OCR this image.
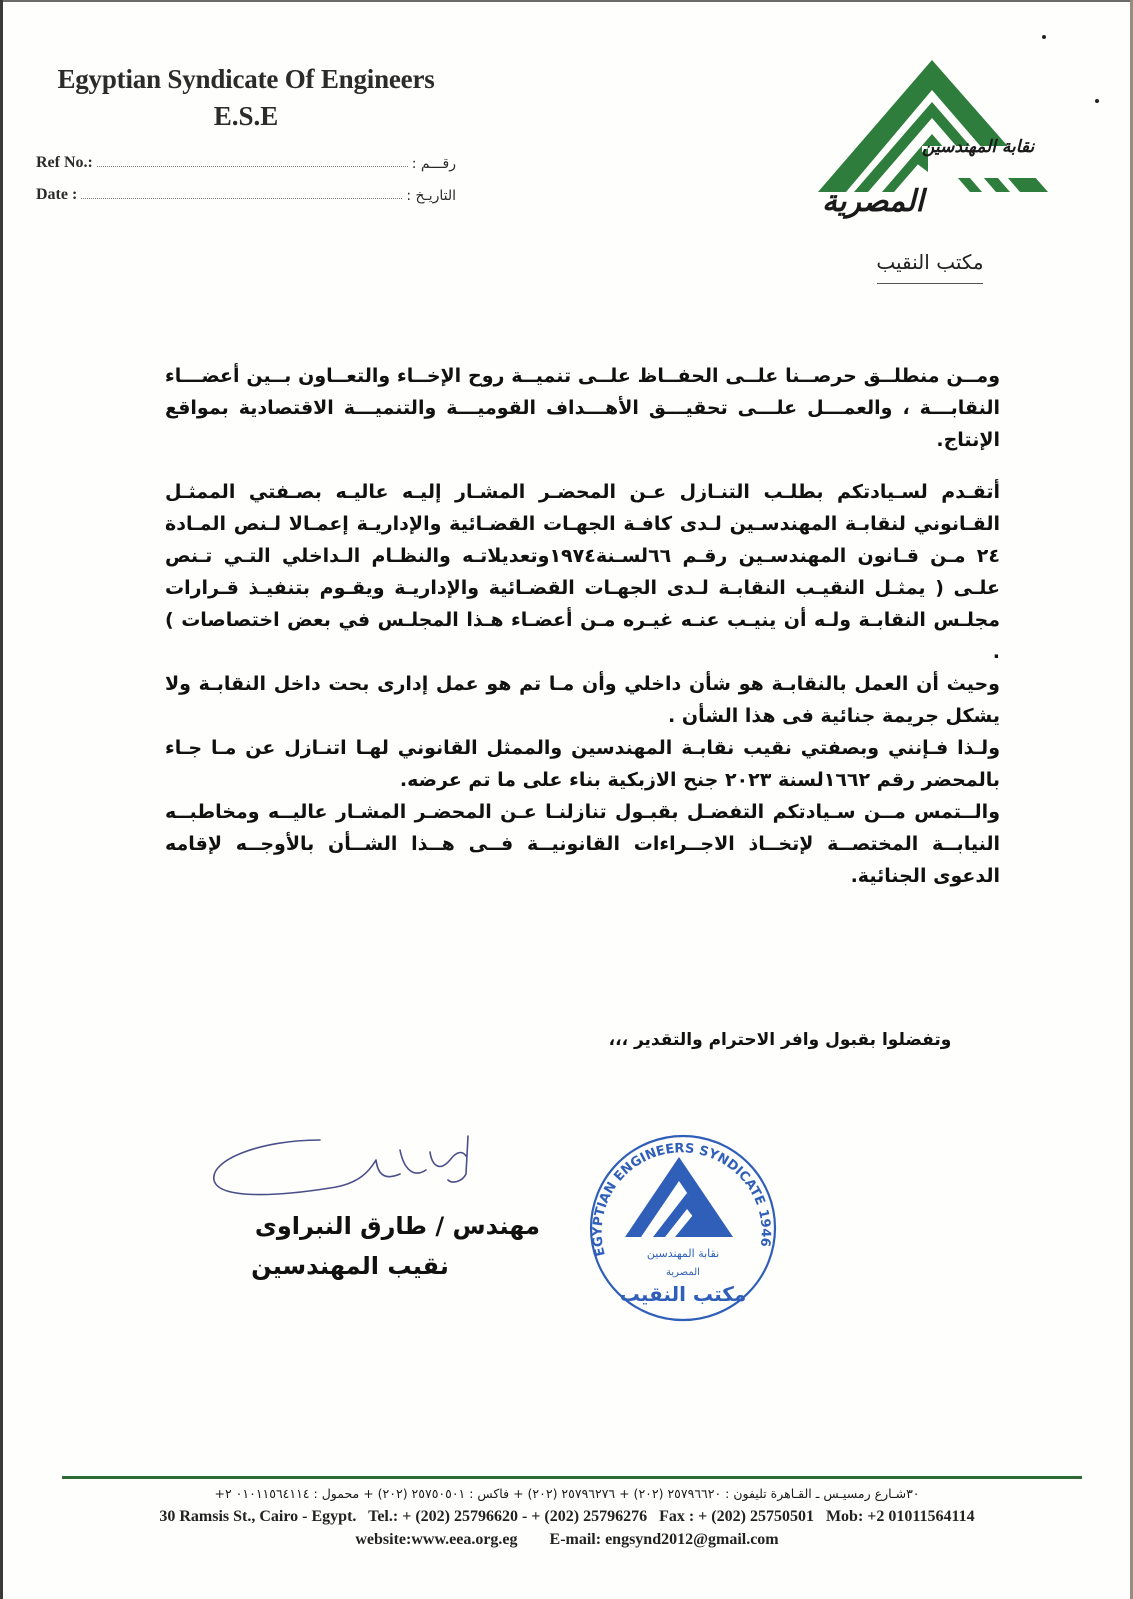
Egyptian Syndicate Of Engineers
E.S.E
Ref No.:	رقـــم :
Date :	التاريـخ :
نقابة المهندسين
المصرية
مكتب النقيب

ومــن منطلــق حرصــنا علــى الحفــاظ علــى تنميــة روح الإخــاء والتعــاون بــين أعضـــاء النقابـــة ، والعمـــل علـــى تحقيـــق الأهـــداف القوميـــة والتنميـــة الاقتصادية بمواقع الإنتاج.

أتقـدم لسـيادتكم بطلـب التنـازل عـن المحضـر المشـار إليـه عاليـه بصـفتي الممثـل القـانوني لنقابـة المهندسـين لـدى كافـة الجهـات القضـائية والإداريـة إعمـالا لـنص المـادة ٢٤ مـن قـانون المهندسـين رقـم ٦٦لسـنة١٩٧٤وتعديلاتـه والنظـام الـداخلي التـي تـنص علـى ( يمثـل النقيـب النقابـة لـدى الجهـات القضـائية والإداريـة ويقـوم بتنفيـذ قـرارات مجلـس النقابـة ولـه أن ينيـب عنـه غيـره مـن أعضـاء هـذا المجلـس في بعض اختصاصات ) .

وحيث أن العمل بالنقابـة هو شأن داخلي وأن مـا تم هو عمل إدارى بحت داخل النقابـة ولا يشكل جريمة جنائية فى هذا الشأن .

ولـذا فـإنني وبصفتي نقيب نقابـة المهندسين والممثل القانوني لهـا اتنـازل عن مـا جـاء بالمحضر رقم ١٦٦٢لسنة ٢٠٢٣ جنح الازبكية بناء على ما تم عرضه.

والــتمس مــن سـيادتكم التفضـل بقبـول تنازلنـا عـن المحضـر المشـار عاليــه ومخاطبــه النيابــة المختصــة لإتخــاذ الاجــراءات القانونيــة فــى هــذا الشــأن بالأوجــه لإقامه الدعوى الجنائية.

وتفضلوا بقبول وافر الاحترام والتقدير ،،،
مهندس / طارق النبراوى
نقيب المهندسين
EGYPTIAN ENGINEERS SYNDICATE 1946
نقابة المهندسين
المصرية
مكتب النقيب
٣٠شـارع رمسيـس ـ القـاهرة تليفون : ٢٥٧٩٦٦٢٠ (٢٠٢) + ٢٥٧٩٦٢٧٦ (٢٠٢) + فاكس : ٢٥٧٥٠٥٠١ (٢٠٢) + محمول : ٠١٠١١٥٦٤١١٤ ٢+
30 Ramsis St., Cairo - Egypt.   Tel.: + (202) 25796620 - + (202) 25796276   Fax : + (202) 25750501   Mob: +2 01011564114
website:www.eea.org.eg E-mail: engsynd2012@gmail.com
